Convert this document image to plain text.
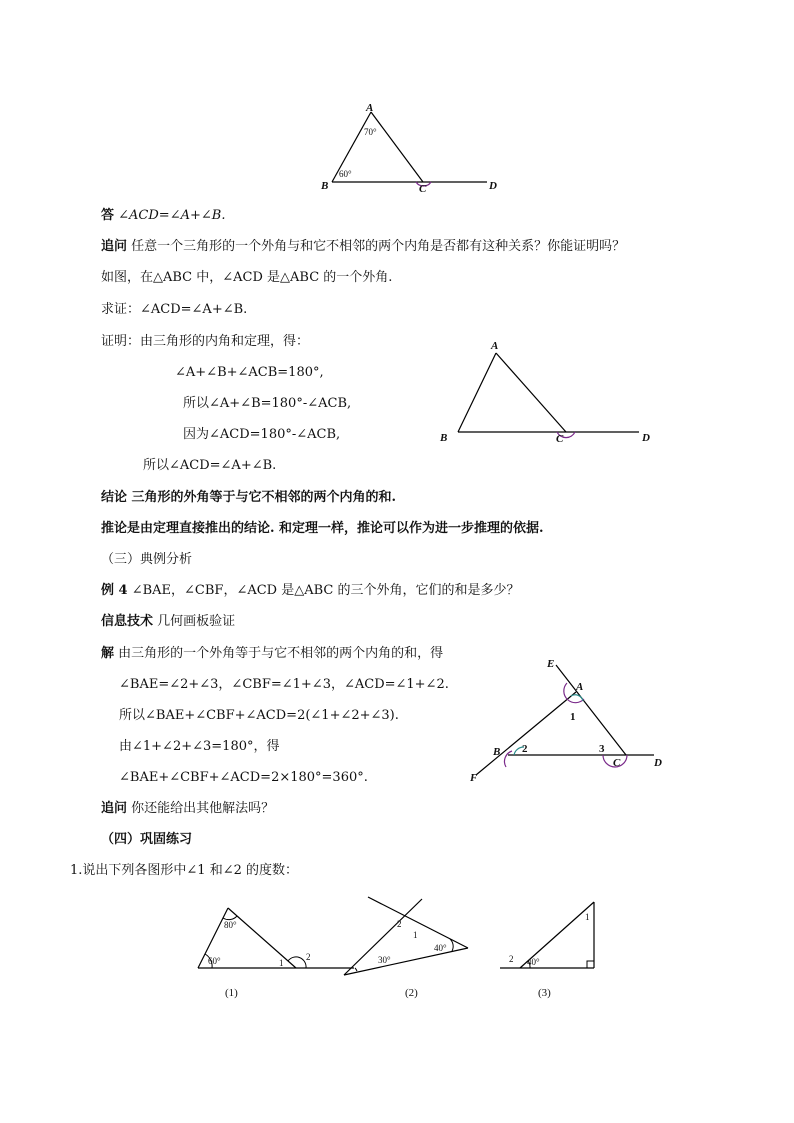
A
B	C	D
70°
60°
答 ∠ACD=∠A+∠B.
追问 任意一个三角形的一个外角与和它不相邻的两个内角是否都有这种关系？你能证明吗？
如图，在△ABC 中，∠ACD 是△ABC 的一个外角.
求证：∠ACD=∠A+∠B.
证明：由三角形的内角和定理，得：
∠A+∠B+∠ACB=180°,
所以∠A+∠B=180°-∠ACB,
因为∠ACD=180°-∠ACB,
所以∠ACD=∠A+∠B.
A
B	C	D
结论 三角形的外角等于与它不相邻的两个内角的和.
推论是由定理直接推出的结论. 和定理一样，推论可以作为进一步推理的依据.
（三）典例分析
例 4 ∠BAE，∠CBF，∠ACD 是△ABC 的三个外角，它们的和是多少？
信息技术 几何画板验证
解 由三角形的一个外角等于与它不相邻的两个内角的和，得
∠BAE=∠2+∠3，∠CBF=∠1+∠3，∠ACD=∠1+∠2.
所以∠BAE+∠CBF+∠ACD=2(∠1+∠2+∠3).
由∠1+∠2+∠3=180°，得
∠BAE+∠CBF+∠ACD=2×180°=360°.
E
A
B
C	D
F
1
2	3
追问 你还能给出其他解法吗？
（四）巩固练习
1.说出下列各图形中∠1 和∠2 的度数：
80°
60°	1
2
(1)
2
1
40°
30°
(2)
1
2 40°
(3)
